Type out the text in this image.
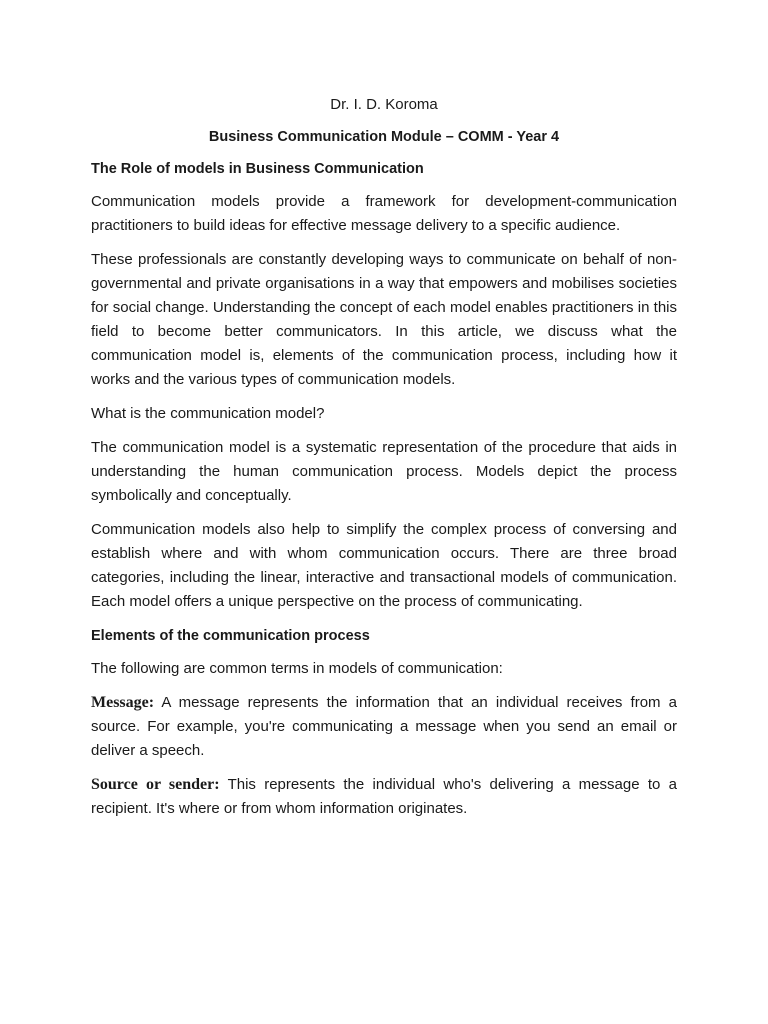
Dr. I. D. Koroma
Business Communication Module – COMM - Year 4
The Role of models in Business Communication

Communication models provide a framework for development-communication practitioners to build ideas for effective message delivery to a specific audience.

These professionals are constantly developing ways to communicate on behalf of non-governmental and private organisations in a way that empowers and mobilises societies for social change. Understanding the concept of each model enables practitioners in this field to become better communicators. In this article, we discuss what the communication model is, elements of the communication process, including how it works and the various types of communication models.

What is the communication model?

The communication model is a systematic representation of the procedure that aids in understanding the human communication process. Models depict the process symbolically and conceptually.

Communication models also help to simplify the complex process of conversing and establish where and with whom communication occurs. There are three broad categories, including the linear, interactive and transactional models of communication. Each model offers a unique perspective on the process of communicating.

Elements of the communication process

The following are common terms in models of communication:

Message: A message represents the information that an individual receives from a source. For example, you're communicating a message when you send an email or deliver a speech.

Source or sender: This represents the individual who's delivering a message to a recipient. It's where or from whom information originates.
